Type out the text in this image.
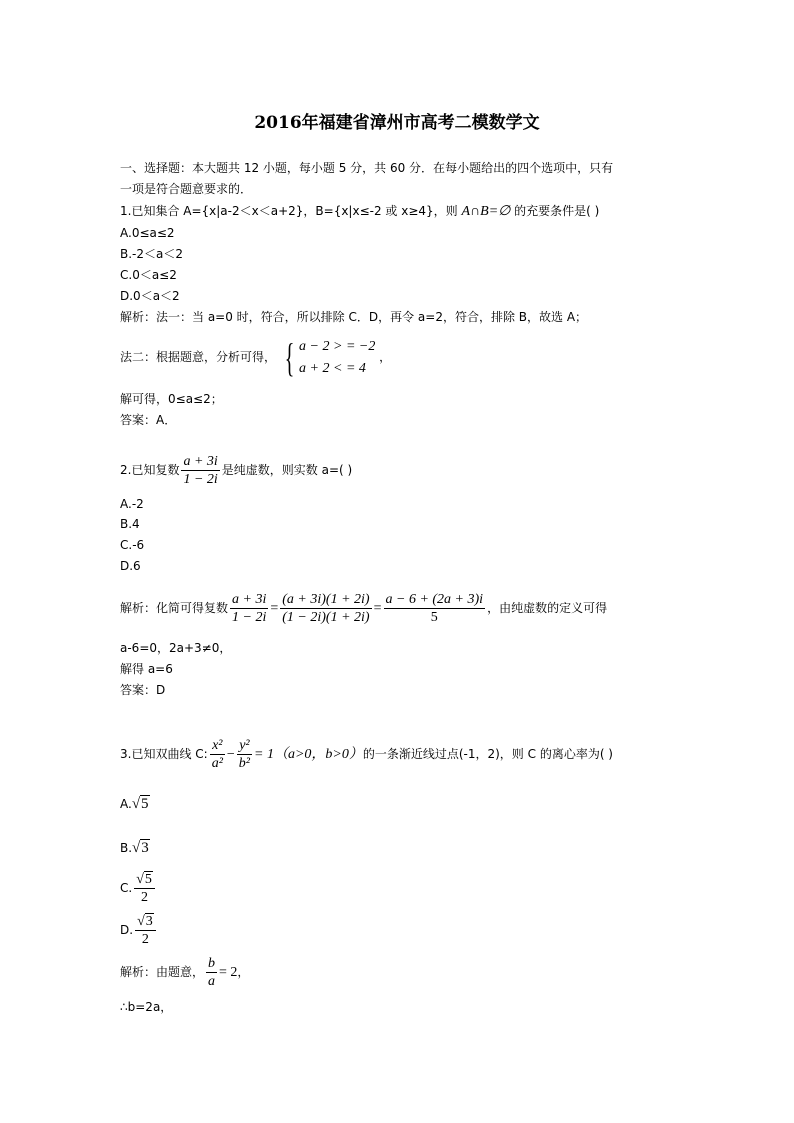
2016年福建省漳州市高考二模数学文
一、选择题：本大题共 12 小题，每小题 5 分，共 60 分．在每小题给出的四个选项中，只有
一项是符合题意要求的．
1.已知集合 A={x|a-2＜x＜a+2}，B={x|x≤-2 或 x≥4}，则 A∩B=∅ 的充要条件是( )
A.0≤a≤2
B.-2＜a＜2
C.0＜a≤2
D.0＜a＜2
解析：法一：当 a=0 时，符合，所以排除 C．D，再令 a=2，符合，排除 B，故选 A；
法二：根据题意，分析可得， { a − 2 > = −2
a + 2 < = 4
，
解可得，0≤a≤2；
答案：A．
2.已知复数 $\frac{a + 3i}{1 - 2i}$ 是纯虚数，则实数 a=( )
A.-2
B.4
C.-6
D.6
解析：化简可得复数 $\frac{a + 3i}{1 - 2i} = \frac{(a + 3i)(1 + 2i)}{(1 - 2i)(1 + 2i)} = \frac{a - 6 + (2a + 3)i}{5}$ ，由纯虚数的定义可得
a-6=0，2a+3≠0，
解得 a=6
答案：D
3.已知双曲线 C: $\frac{\text{x²}}{\text{a²}} - \frac{\text{y²}}{\text{b²}} = 1(a>0$，b>0）的一条渐近线过点(-1，2)，则 C 的离心率为( )
A.√5
B.√3
C. $\frac{√5}{2}$
D. $\frac{√3}{2}$
解析：由题意， $\frac{b}{a} = 2$，
∴b=2a，
